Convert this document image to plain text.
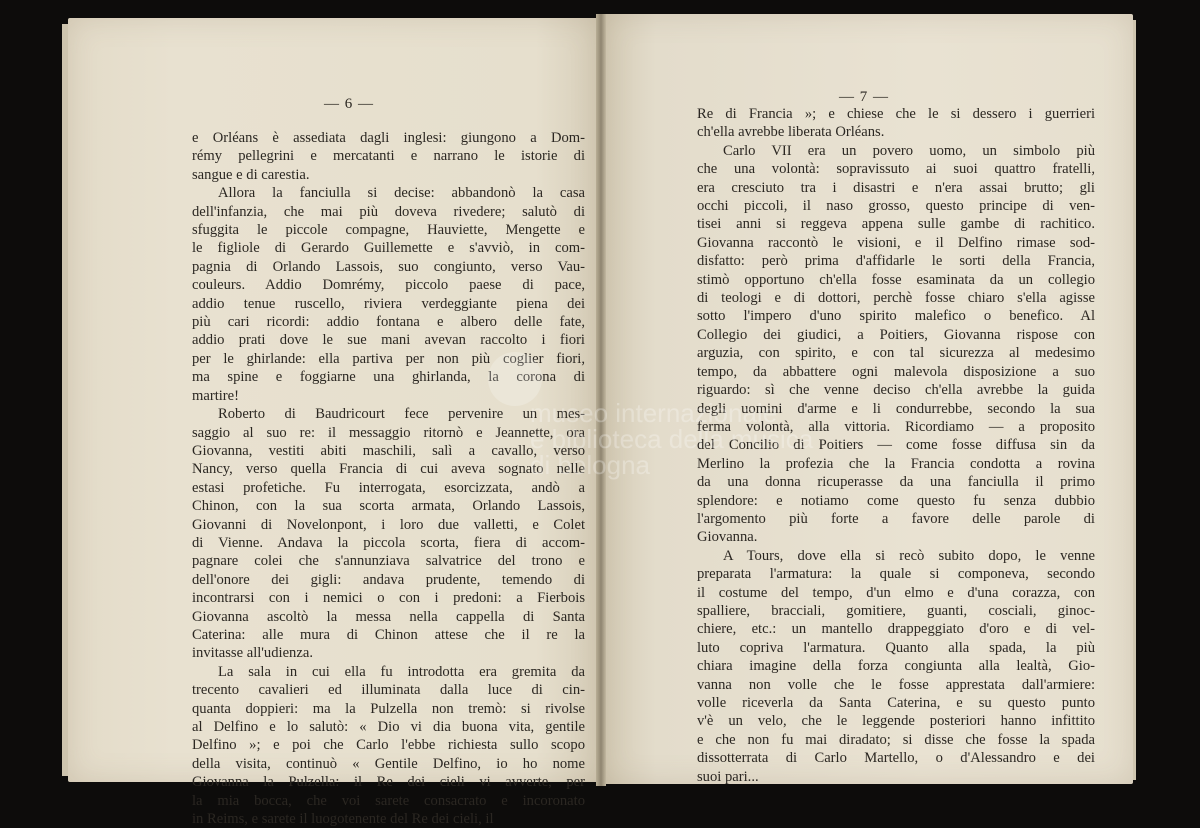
— 6 —
e Orléans è assediata dagli inglesi: giungono a Dom-
rémy pellegrini e mercatanti e narrano le istorie di
sangue e di carestia.
Allora la fanciulla si decise: abbandonò la casa
dell'infanzia, che mai più doveva rivedere; salutò di
sfuggita le piccole compagne, Hauviette, Mengette e
le figliole di Gerardo Guillemette e s'avviò, in com-
pagnia di Orlando Lassois, suo congiunto, verso Vau-
couleurs. Addio Domrémy, piccolo paese di pace,
addio tenue ruscello, riviera verdeggiante piena dei
più cari ricordi: addio fontana e albero delle fate,
addio prati dove le sue mani avevan raccolto i fiori
per le ghirlande: ella partiva per non più coglier fiori,
ma spine e foggiarne una ghirlanda, la corona di
martire!
Roberto di Baudricourt fece pervenire un mes-
saggio al suo re: il messaggio ritornò e Jeannette, ora
Giovanna, vestiti abiti maschili, salì a cavallo, verso
Nancy, verso quella Francia di cui aveva sognato nelle
estasi profetiche. Fu interrogata, esorcizzata, andò a
Chinon, con la sua scorta armata, Orlando Lassois,
Giovanni di Novelonpont, i loro due valletti, e Colet
di Vienne. Andava la piccola scorta, fiera di accom-
pagnare colei che s'annunziava salvatrice del trono e
dell'onore dei gigli: andava prudente, temendo di
incontrarsi con i nemici o con i predoni: a Fierbois
Giovanna ascoltò la messa nella cappella di Santa
Caterina: alle mura di Chinon attese che il re la
invitasse all'udienza.
La sala in cui ella fu introdotta era gremita da
trecento cavalieri ed illuminata dalla luce di cin-
quanta doppieri: ma la Pulzella non tremò: si rivolse
al Delfino e lo salutò: « Dio vi dia buona vita, gentile
Delfino »; e poi che Carlo l'ebbe richiesta sullo scopo
della visita, continuò « Gentile Delfino, io ho nome
Giovanna la Pulzella: il Re dei cieli vi avverte, per
la mia bocca, che voi sarete consacrato e incoronato
in Reims, e sarete il luogotenente del Re dei cieli, il
— 7 —
Re di Francia »; e chiese che le si dessero i guerrieri
ch'ella avrebbe liberata Orléans.
Carlo VII era un povero uomo, un simbolo più
che una volontà: sopravissuto ai suoi quattro fratelli,
era cresciuto tra i disastri e n'era assai brutto; gli
occhi piccoli, il naso grosso, questo principe di ven-
tisei anni si reggeva appena sulle gambe di rachitico.
Giovanna raccontò le visioni, e il Delfino rimase sod-
disfatto: però prima d'affidarle le sorti della Francia,
stimò opportuno ch'ella fosse esaminata da un collegio
di teologi e di dottori, perchè fosse chiaro s'ella agisse
sotto l'impero d'uno spirito malefico o benefico. Al
Collegio dei giudici, a Poitiers, Giovanna rispose con
arguzia, con spirito, e con tal sicurezza al medesimo
tempo, da abbattere ogni malevola disposizione a suo
riguardo: sì che venne deciso ch'ella avrebbe la guida
degli uomini d'arme e li condurrebbe, secondo la sua
ferma volontà, alla vittoria. Ricordiamo — a proposito
del Concilio di Poitiers — come fosse diffusa sin da
Merlino la profezia che la Francia condotta a rovina
da una donna ricuperasse da una fanciulla il primo
splendore: e notiamo come questo fu senza dubbio
l'argomento più forte a favore delle parole di
Giovanna.
A Tours, dove ella si recò subito dopo, le venne
preparata l'armatura: la quale si componeva, secondo
il costume del tempo, d'un elmo e d'una corazza, con
spalliere, bracciali, gomitiere, guanti, cosciali, ginoc-
chiere, etc.: un mantello drappeggiato d'oro e di vel-
luto copriva l'armatura. Quanto alla spada, la più
chiara imagine della forza congiunta alla lealtà, Gio-
vanna non volle che le fosse apprestata dall'armiere:
volle riceverla da Santa Caterina, e su questo punto
v'è un velo, che le leggende posteriori hanno infittito
e che non fu mai diradato; si disse che fosse la spada
dissotterrata di Carlo Martello, o d'Alessandro e dei
suoi pari...
museo internazionale
e biblioteca della musica
di bologna
